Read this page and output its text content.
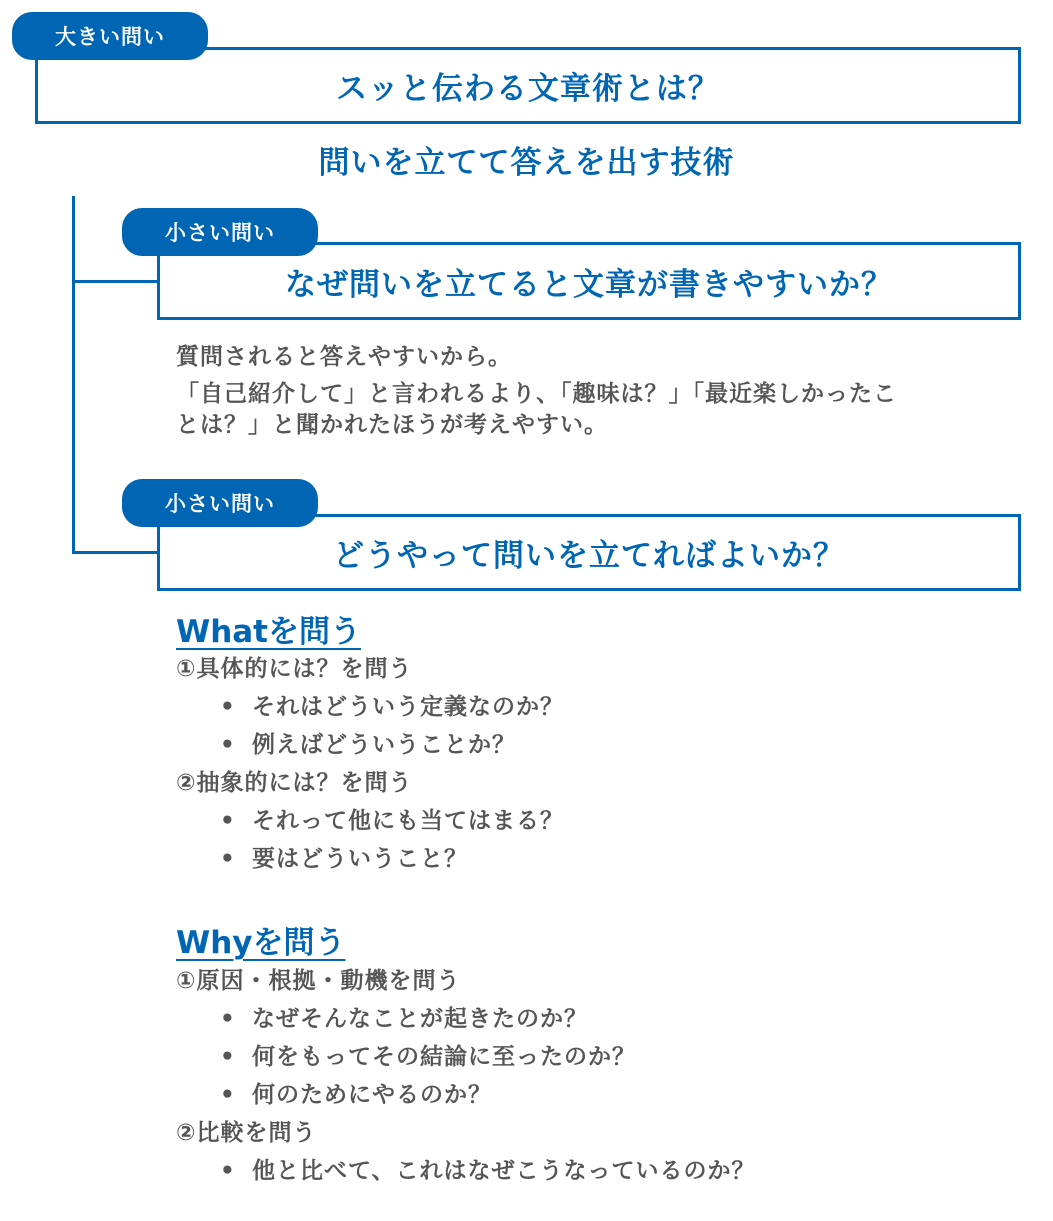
大きい問い
スッと伝わる文章術とは？
問いを立てて答えを出す技術
小さい問い
なぜ問いを立てると文章が書きやすいか？
質問されると答えやすいから。
「自己紹介して」と言われるより、「趣味は？」「最近楽しかったこ
とは？」と聞かれたほうが考えやすい。
小さい問い
どうやって問いを立てればよいか？
Whatを問う
①具体的には？を問う
• それはどういう定義なのか？
• 例えばどういうことか？
②抽象的には？を問う
• それって他にも当てはまる？
• 要はどういうこと？
Whyを問う
①原因・根拠・動機を問う
• なぜそんなことが起きたのか？
• 何をもってその結論に至ったのか？
• 何のためにやるのか？
②比較を問う
• 他と比べて、これはなぜこうなっているのか？
